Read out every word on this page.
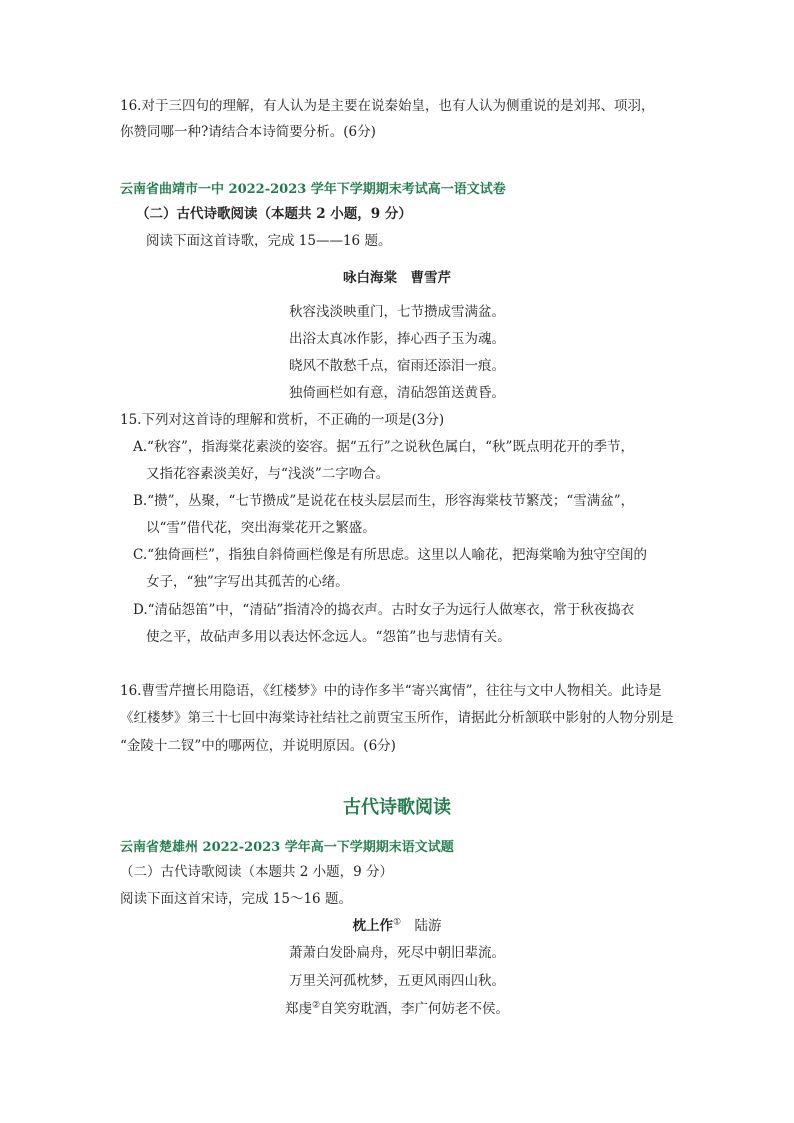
16.对于三四句的理解，有人认为是主要在说秦始皇，也有人认为侧重说的是刘邦、项羽，
你赞同哪一种?请结合本诗简要分析。(6分)
云南省曲靖市一中 2022-2023 学年下学期期末考试高一语文试卷
（二）古代诗歌阅读（本题共 2 小题，9 分）
阅读下面这首诗歌，完成 15——16 题。
咏白海棠　曹雪芹
秋容浅淡映重门，七节攒成雪满盆。
出浴太真冰作影，捧心西子玉为魂。
晓风不散愁千点，宿雨还添泪一痕。
独倚画栏如有意，清砧怨笛送黄昏。
15.下列对这首诗的理解和赏析，不正确的一项是(3分)
A.“秋容”，指海棠花素淡的姿容。据“五行”之说秋色属白，“秋”既点明花开的季节，
又指花容素淡美好，与“浅淡”二字吻合。
B.“攒”，丛聚，“七节攒成”是说花在枝头层层而生，形容海棠枝节繁茂；“雪满盆”，
以“雪”借代花，突出海棠花开之繁盛。
C.“独倚画栏”，指独自斜倚画栏像是有所思虑。这里以人喻花，把海棠喻为独守空闺的
女子，“独”字写出其孤苦的心绪。
D.“清砧怨笛”中，“清砧”指清冷的捣衣声。古时女子为远行人做寒衣，常于秋夜捣衣
使之平，故砧声多用以表达怀念远人。“怨笛”也与悲情有关。
16.曹雪芹擅长用隐语，《红楼梦》中的诗作多半“寄兴寓情”，往往与文中人物相关。此诗是
《红楼梦》第三十七回中海棠诗社结社之前贾宝玉所作，请据此分析颔联中影射的人物分别是
“金陵十二钗”中的哪两位，并说明原因。(6分)
古代诗歌阅读
云南省楚雄州 2022-2023 学年高一下学期期末语文试题
（二）古代诗歌阅读（本题共 2 小题，9 分）
阅读下面这首宋诗，完成 15～16 题。
枕上作①　陆游
萧萧白发卧扁舟，死尽中朝旧辈流。
万里关河孤枕梦，五更风雨四山秋。
郑虔②自笑穷耽酒，李广何妨老不侯。
